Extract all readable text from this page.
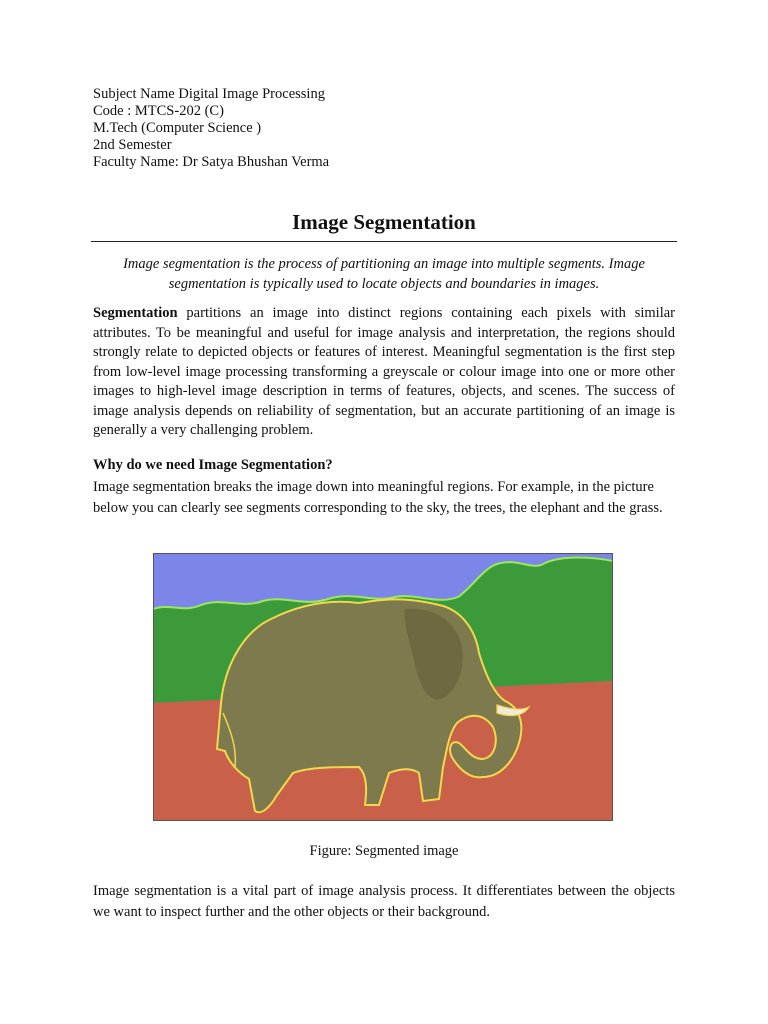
Subject Name Digital Image Processing
Code : MTCS-202 (C)
M.Tech (Computer Science )
2nd Semester
Faculty Name: Dr Satya Bhushan Verma
Image Segmentation
Image segmentation is the process of partitioning an image into multiple segments. Image segmentation is typically used to locate objects and boundaries in images.
Segmentation partitions an image into distinct regions containing each pixels with similar attributes. To be meaningful and useful for image analysis and interpretation, the regions should strongly relate to depicted objects or features of interest. Meaningful segmentation is the first step from low-level image processing transforming a greyscale or colour image into one or more other images to high-level image description in terms of features, objects, and scenes. The success of image analysis depends on reliability of segmentation, but an accurate partitioning of an image is generally a very challenging problem.
Why do we need Image Segmentation?
Image segmentation breaks the image down into meaningful regions. For example, in the picture below you can clearly see segments corresponding to the sky, the trees, the elephant and the grass.
Figure: Segmented image
Image segmentation is a vital part of image analysis process. It differentiates between the objects we want to inspect further and the other objects or their background.
